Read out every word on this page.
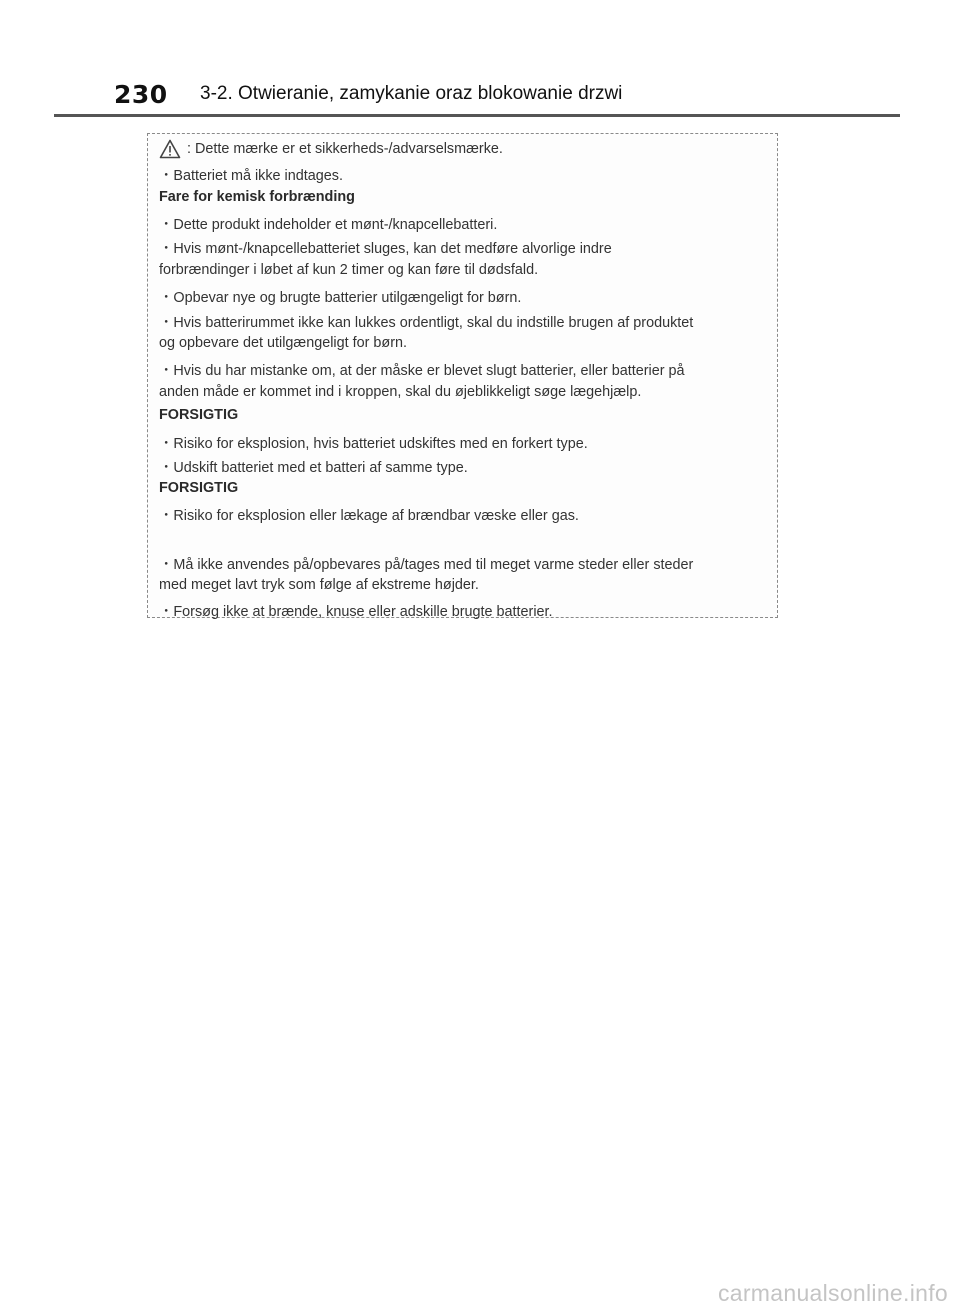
230 3-2. Otwieranie, zamykanie oraz blokowanie drzwi
: Dette mærke er et sikkerheds-/advarselsmærke.
・Batteriet må ikke indtages.
Fare for kemisk forbrænding
・Dette produkt indeholder et mønt-/knapcellebatteri.
・Hvis mønt-/knapcellebatteriet sluges, kan det medføre alvorlige indre
forbrændinger i løbet af kun 2 timer og kan føre til dødsfald.
・Opbevar nye og brugte batterier utilgængeligt for børn.
・Hvis batterirummet ikke kan lukkes ordentligt, skal du indstille brugen af produktet
og opbevare det utilgængeligt for børn.
・Hvis du har mistanke om, at der måske er blevet slugt batterier, eller batterier på
anden måde er kommet ind i kroppen, skal du øjeblikkeligt søge lægehjælp.
FORSIGTIG
・Risiko for eksplosion, hvis batteriet udskiftes med en forkert type.
・Udskift batteriet med et batteri af samme type.
FORSIGTIG
・Risiko for eksplosion eller lækage af brændbar væske eller gas.
・Må ikke anvendes på/opbevares på/tages med til meget varme steder eller steder
med meget lavt tryk som følge af ekstreme højder.
・Forsøg ikke at brænde, knuse eller adskille brugte batterier.
carmanualsonline.info
